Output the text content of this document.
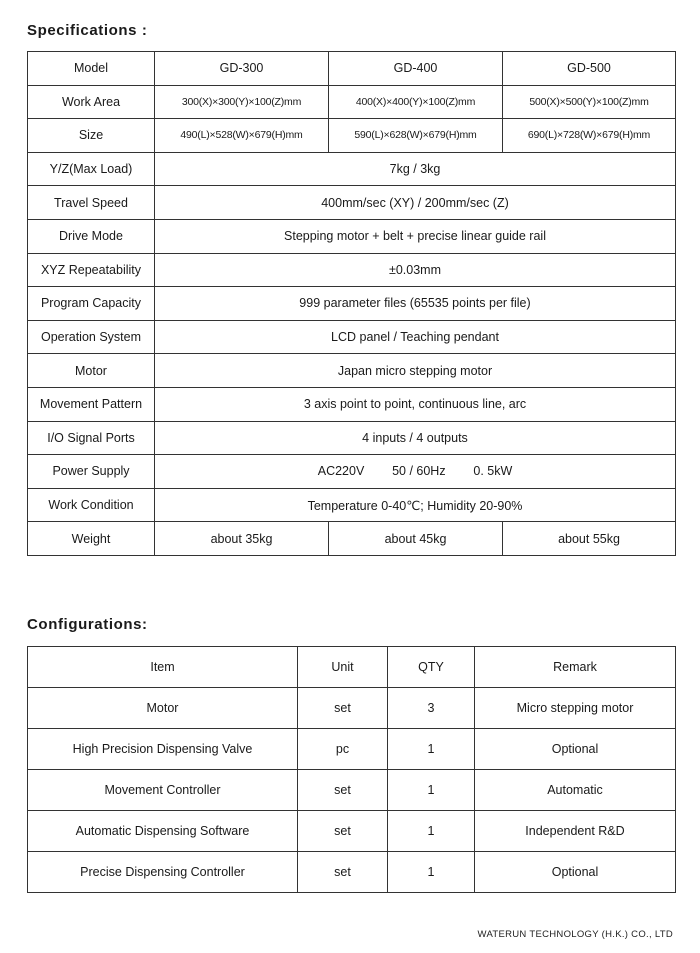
Specifications :
Model	GD-300	GD-400	GD-500
Work Area	300(X)×300(Y)×100(Z)mm	400(X)×400(Y)×100(Z)mm	500(X)×500(Y)×100(Z)mm
Size	490(L)×528(W)×679(H)mm	590(L)×628(W)×679(H)mm	690(L)×728(W)×679(H)mm
Y/Z(Max Load)	7kg / 3kg		
Travel Speed	400mm/sec (XY) / 200mm/sec (Z)		
Drive Mode	Stepping motor + belt + precise linear guide rail		
XYZ Repeatability	±0.03mm		
Program Capacity	999 parameter files (65535 points per file)		
Operation System	LCD panel / Teaching pendant		
Motor	Japan micro stepping motor		
Movement Pattern	3 axis point to point, continuous line, arc		
I/O Signal Ports	4 inputs / 4 outputs		
Power Supply	AC220V        50 / 60Hz        0. 5kW		
Work Condition	Temperature 0-40℃; Humidity 20-90%		
Weight	about 35kg	about 45kg	about 55kg
Configurations:
Item	Unit	QTY	Remark
Motor	set	3	Micro stepping motor
High Precision Dispensing Valve	pc	1	Optional
Movement Controller	set	1	Automatic
Automatic Dispensing Software	set	1	Independent R&D
Precise Dispensing Controller	set	1	Optional
WATERUN TECHNOLOGY (H.K.) CO., LTD
